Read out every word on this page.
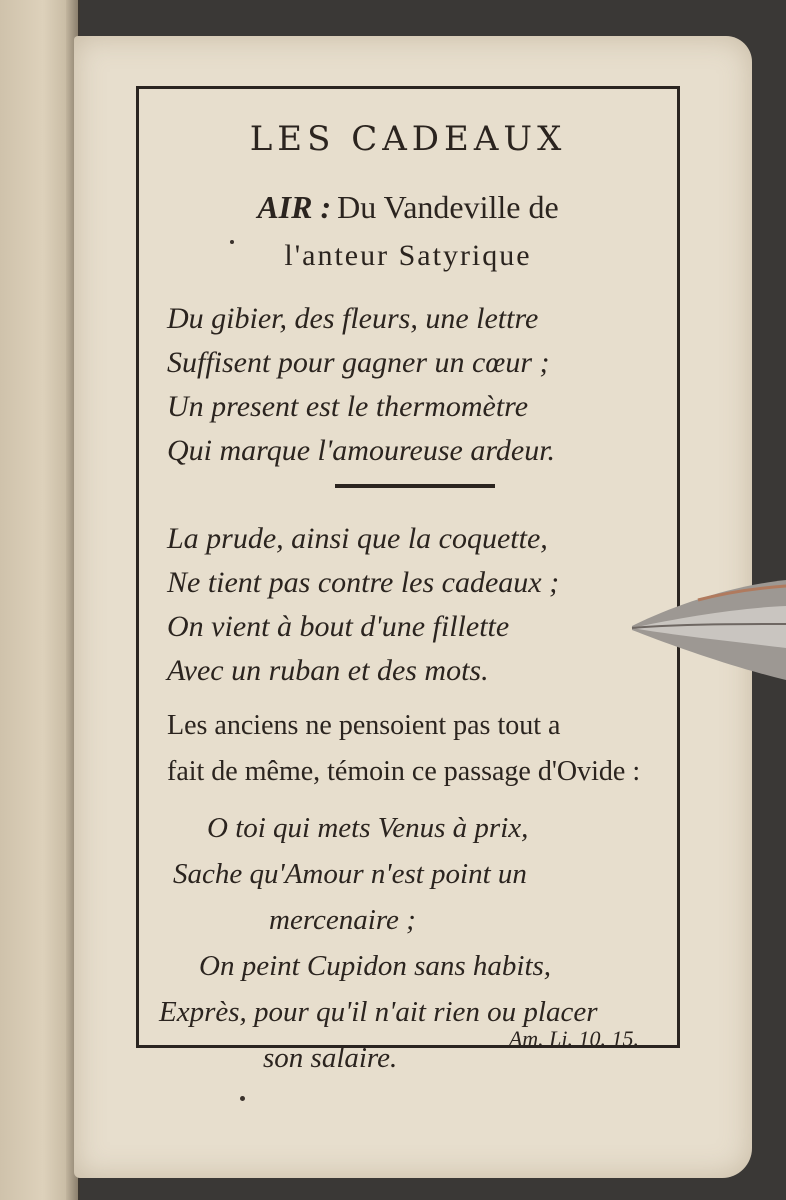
LES CADEAUX
AIR : Du Vandeville de
l'anteur Satyrique
Du gibier, des fleurs, une lettre
Suffisent pour gagner un cœur ;
Un present est le thermomètre
Qui marque l'amoureuse ardeur.
La prude, ainsi que la coquette,
Ne tient pas contre les cadeaux ;
On vient à bout d'une fillette
Avec un ruban et des mots.
Les anciens ne pensoient pas tout a
fait de même, témoin ce passage d'Ovide :
O toi qui mets Venus à prix,
Sache qu'Amour n'est point un
mercenaire ;
On peint Cupidon sans habits,
Exprès, pour qu'il n'ait rien ou placer
son salaire.
Am. Li. 10. 15.
